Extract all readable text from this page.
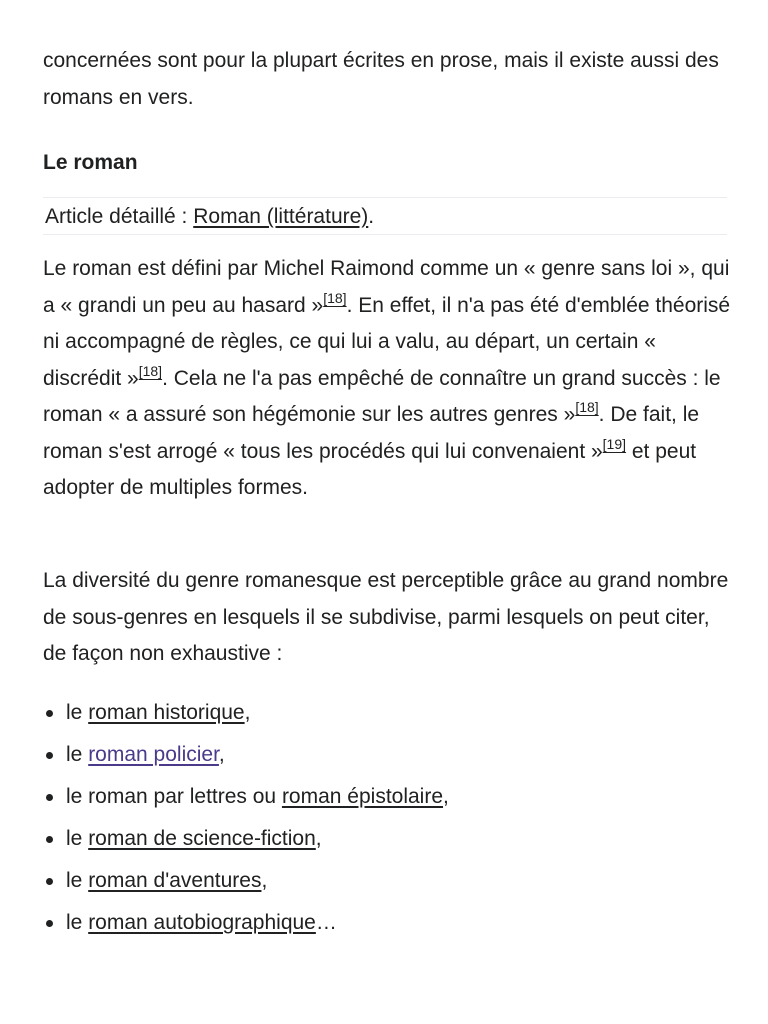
concernées sont pour la plupart écrites en prose, mais il existe aussi des romans en vers.

Le roman
Article détaillé : Roman (littérature).

Le roman est défini par Michel Raimond comme un « genre sans loi », qui a « grandi un peu au hasard »[18]. En effet, il n'a pas été d'emblée théorisé ni accompagné de règles, ce qui lui a valu, au départ, un certain « discrédit »[18]. Cela ne l'a pas empêché de connaître un grand succès : le roman « a assuré son hégémonie sur les autres genres »[18]. De fait, le roman s'est arrogé « tous les procédés qui lui convenaient »[19] et peut adopter de multiples formes.

La diversité du genre romanesque est perceptible grâce au grand nombre de sous-genres en lesquels il se subdivise, parmi lesquels on peut citer, de façon non exhaustive :

le roman historique,
le roman policier,
le roman par lettres ou roman épistolaire,
le roman de science-fiction,
le roman d'aventures,
le roman autobiographique…
